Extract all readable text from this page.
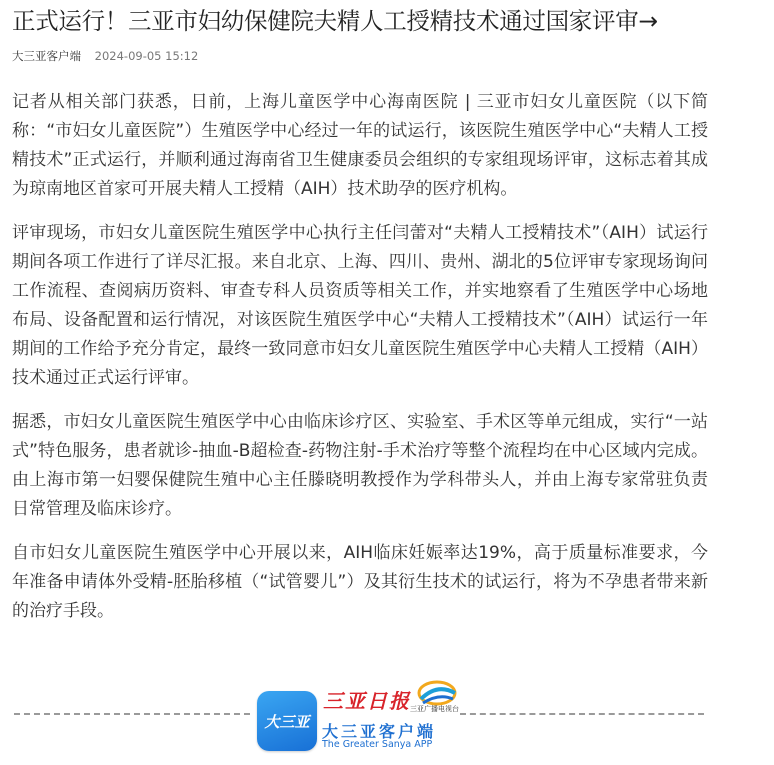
正式运行！三亚市妇幼保健院夫精人工授精技术通过国家评审→
大三亚客户端 2024-09-05 15:12

记者从相关部门获悉，日前，上海儿童医学中心海南医院 | 三亚市妇女儿童医院（以下简称：“市妇女儿童医院”）生殖医学中心经过一年的试运行，该医院生殖医学中心“夫精人工授精技术”正式运行，并顺利通过海南省卫生健康委员会组织的专家组现场评审，这标志着其成为琼南地区首家可开展夫精人工授精（AIH）技术助孕的医疗机构。

评审现场，市妇女儿童医院生殖医学中心执行主任闫蕾对“夫精人工授精技术”（AIH）试运行期间各项工作进行了详尽汇报。来自北京、上海、四川、贵州、湖北的5位评审专家现场询问工作流程、查阅病历资料、审查专科人员资质等相关工作，并实地察看了生殖医学中心场地布局、设备配置和运行情况，对该医院生殖医学中心“夫精人工授精技术”（AIH）试运行一年期间的工作给予充分肯定，最终一致同意市妇女儿童医院生殖医学中心夫精人工授精（AIH）技术通过正式运行评审。

据悉，市妇女儿童医院生殖医学中心由临床诊疗区、实验室、手术区等单元组成，实行“一站式”特色服务，患者就诊-抽血-B超检查-药物注射-手术治疗等整个流程均在中心区域内完成。由上海市第一妇婴保健院生殖中心主任滕晓明教授作为学科带头人，并由上海专家常驻负责日常管理及临床诊疗。

自市妇女儿童医院生殖医学中心开展以来，AIH临床妊娠率达19%，高于质量标准要求，今年准备申请体外受精-胚胎移植（“试管婴儿”）及其衍生技术的试运行，将为不孕患者带来新的治疗手段。

大三亚
三亚日报 三亚广播电视台
大三亚客户端
The Greater Sanya APP
